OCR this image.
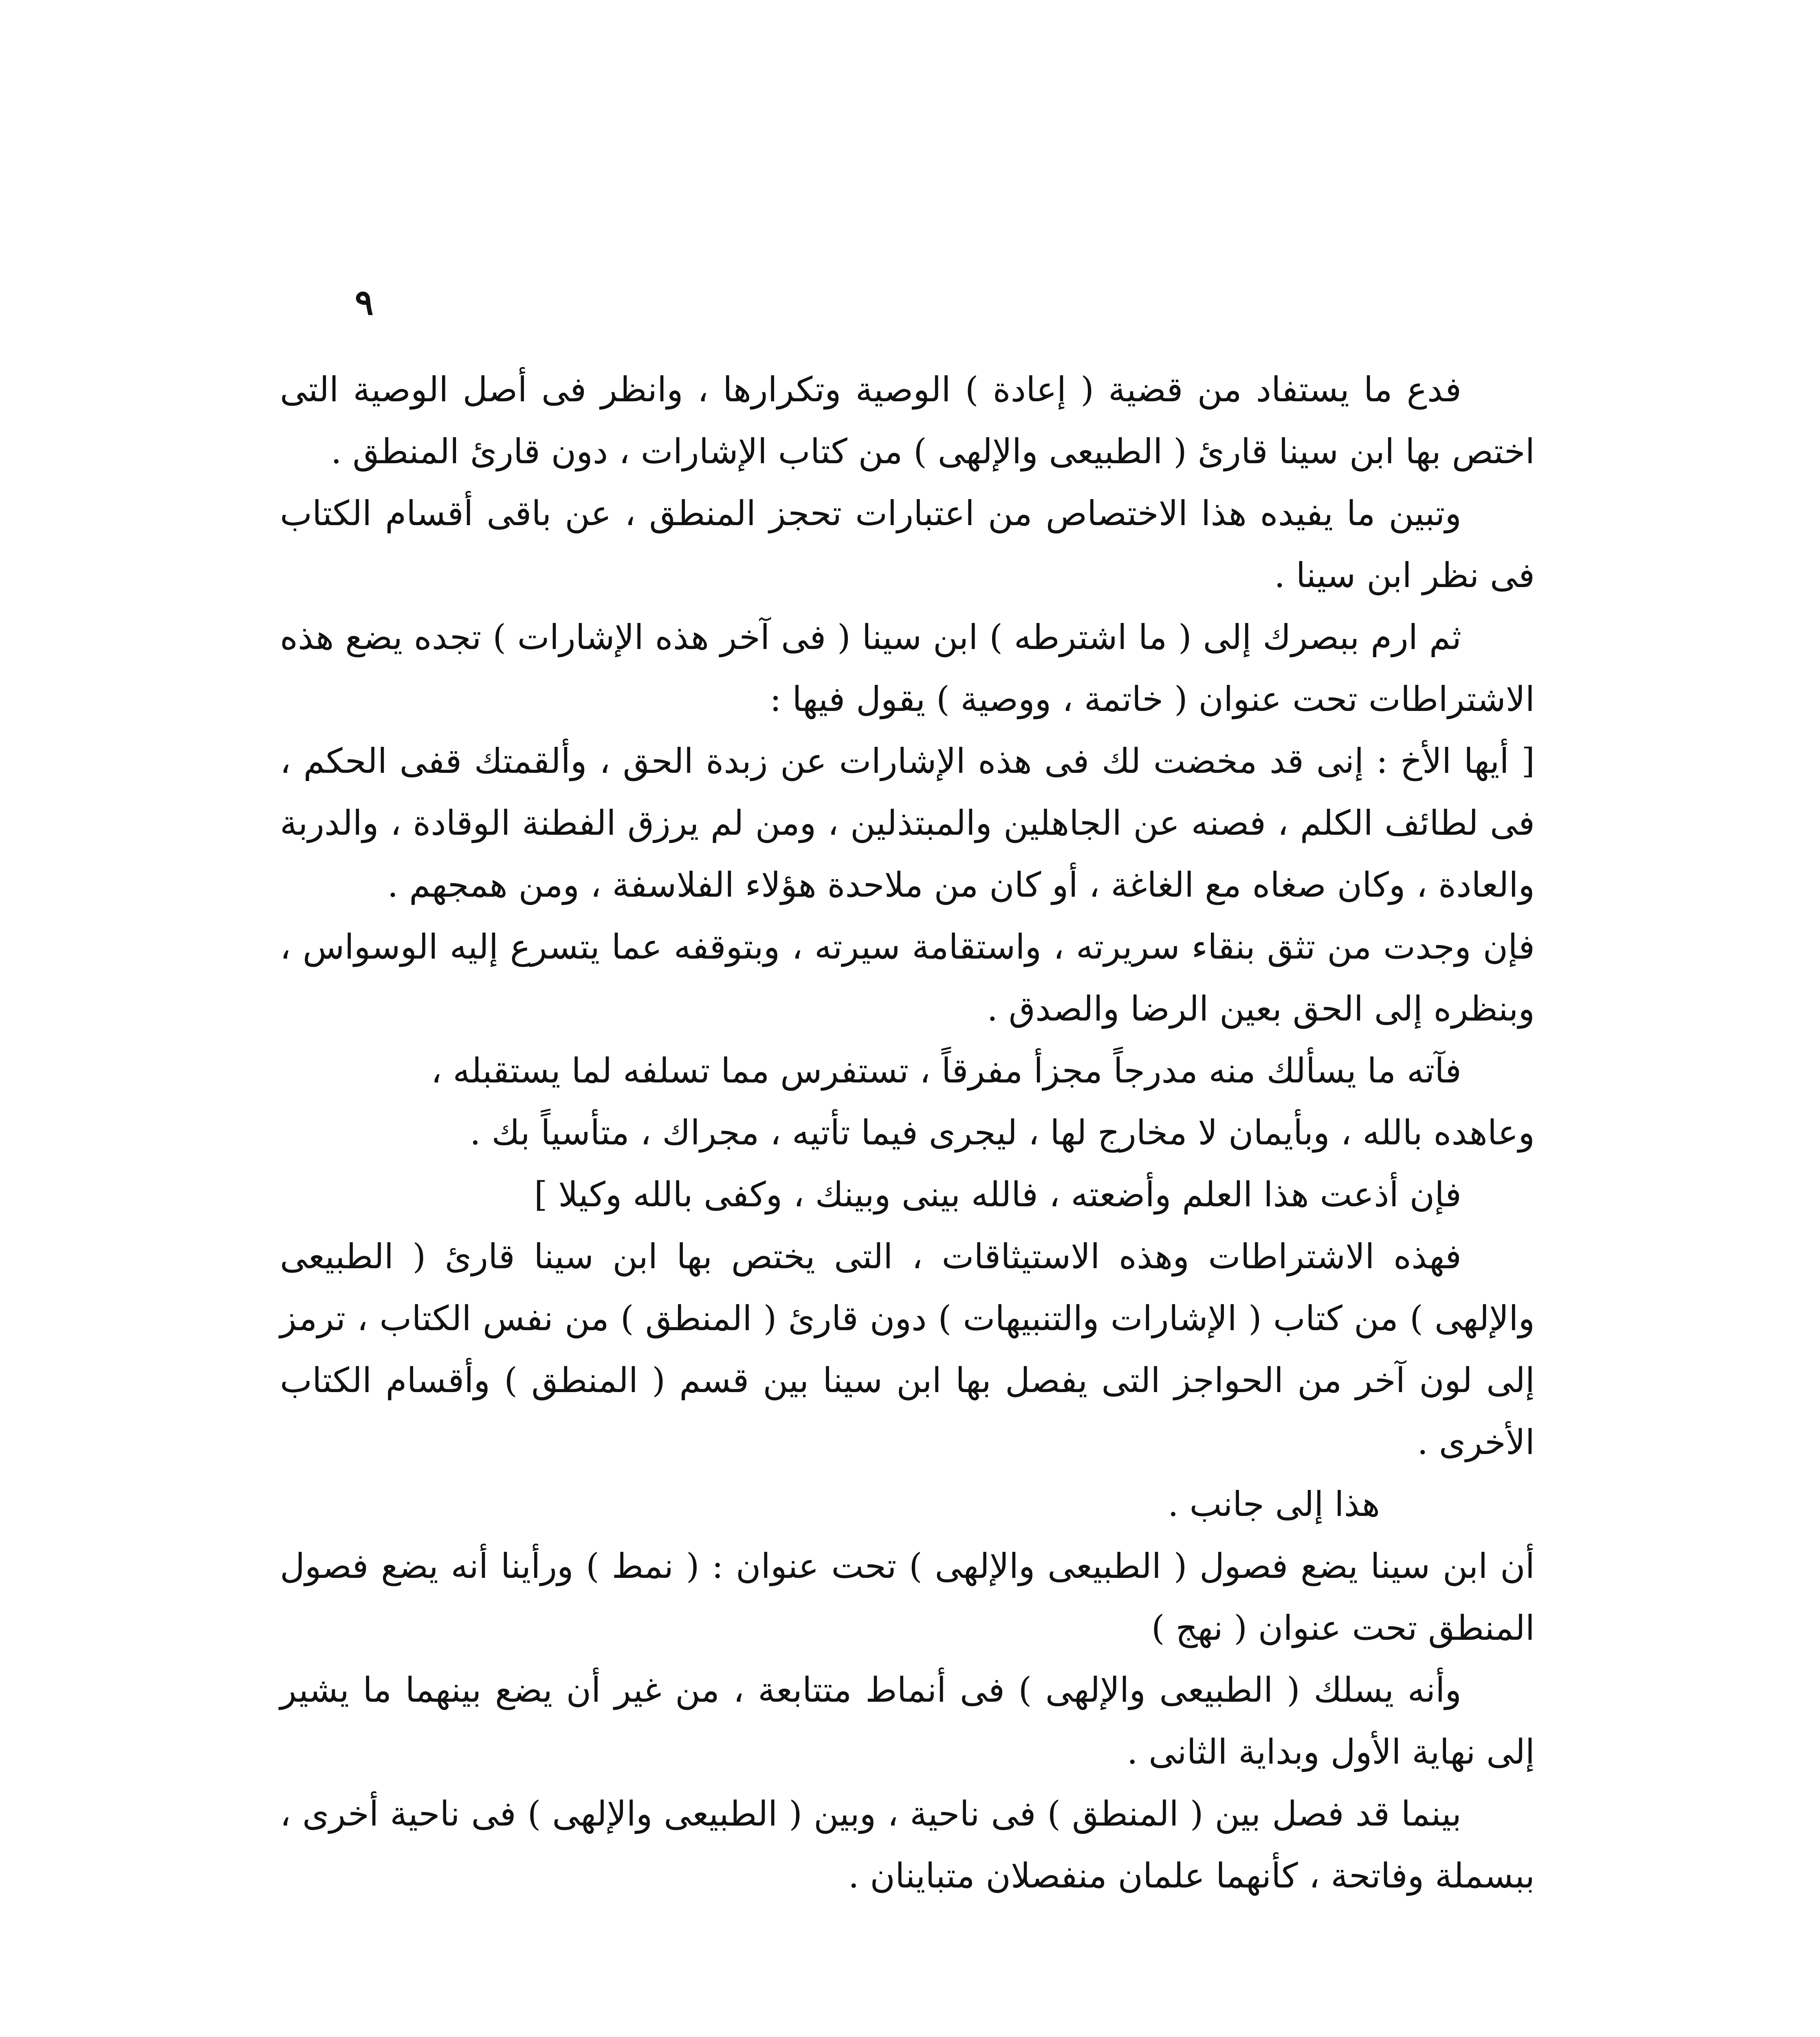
٩

فدع ما يستفاد من قضية ( إعادة ) الوصية وتكرارها ، وانظر فى أصل الوصية التى اختص بها ابن سينا قارئ ( الطبيعى والإلهى ) من كتاب الإشارات ، دون قارئ المنطق .

وتبين ما يفيده هذا الاختصاص من اعتبارات تحجز المنطق ، عن باقى أقسام الكتاب فى نظر ابن سينا .

ثم ارم ببصرك إلى ( ما اشترطه ) ابن سينا ( فى آخر هذه الإشارات ) تجده يضع هذه الاشتراطات تحت عنوان ( خاتمة ، ووصية ) يقول فيها :

[ أيها الأخ : إنى قد مخضت لك فى هذه الإشارات عن زبدة الحق ، وألقمتك قفى الحكم ، فى لطائف الكلم ، فصنه عن الجاهلين والمبتذلين ، ومن لم يرزق الفطنة الوقادة ، والدربة والعادة ، وكان صغاه مع الغاغة ، أو كان من ملاحدة هؤلاء الفلاسفة ، ومن همجهم .

فإن وجدت من تثق بنقاء سريرته ، واستقامة سيرته ، وبتوقفه عما يتسرع إليه الوسواس ، وبنظره إلى الحق بعين الرضا والصدق .

فآته ما يسألك منه مدرجاً مجزأ مفرقاً ، تستفرس مما تسلفه لما يستقبله ،

وعاهده بالله ، وبأيمان لا مخارج لها ، ليجرى فيما تأتيه ، مجراك ، متأسياً بك .

فإن أذعت هذا العلم وأضعته ، فالله بينى وبينك ، وكفى بالله وكيلا ]

فهذه الاشتراطات وهذه الاستيثاقات ، التى يختص بها ابن سينا قارئ ( الطبيعى والإلهى ) من كتاب ( الإشارات والتنبيهات ) دون قارئ ( المنطق ) من نفس الكتاب ، ترمز إلى لون آخر من الحواجز التى يفصل بها ابن سينا بين قسم ( المنطق ) وأقسام الكتاب الأخرى .

هذا إلى جانب .

أن ابن سينا يضع فصول ( الطبيعى والإلهى ) تحت عنوان : ( نمط ) ورأينا أنه يضع فصول المنطق تحت عنوان ( نهج )

وأنه يسلك ( الطبيعى والإلهى ) فى أنماط متتابعة ، من غير أن يضع بينهما ما يشير إلى نهاية الأول وبداية الثانى .

بينما قد فصل بين ( المنطق ) فى ناحية ، وبين ( الطبيعى والإلهى ) فى ناحية أخرى ، ببسملة وفاتحة ، كأنهما علمان منفصلان متباينان .
